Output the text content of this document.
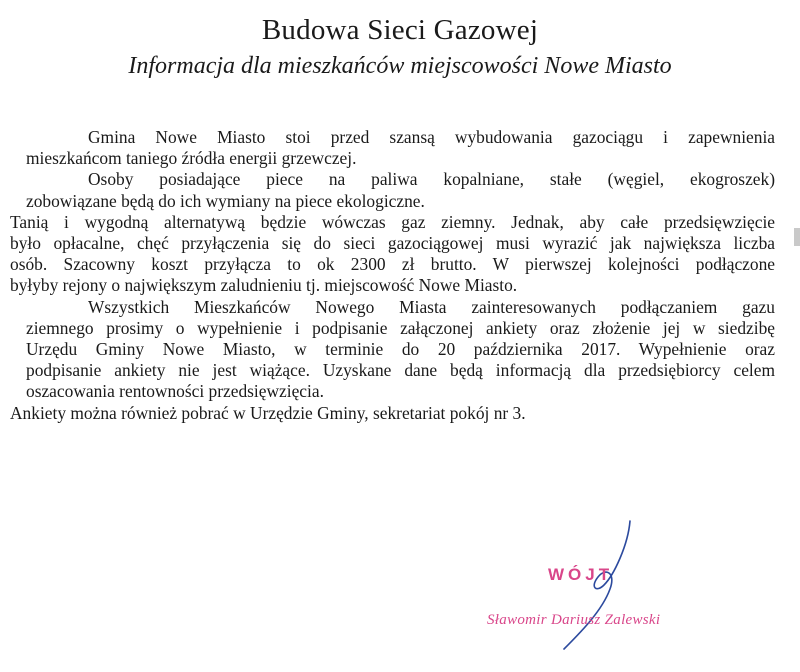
Budowa Sieci Gazowej
Informacja dla mieszkańców miejscowości Nowe Miasto
Gmina Nowe Miasto stoi przed szansą wybudowania gazociągu i zapewnienia
mieszkańcom taniego źródła energii grzewczej.
Osoby posiadające piece na paliwa kopalniane, stałe (węgiel, ekogroszek)
zobowiązane będą do ich wymiany na piece ekologiczne.
Tanią i wygodną alternatywą będzie wówczas gaz ziemny. Jednak, aby całe przedsięwzięcie
było opłacalne, chęć przyłączenia się do sieci gazociągowej musi wyrazić jak największa liczba
osób. Szacowny koszt przyłącza to ok 2300 zł brutto. W pierwszej kolejności podłączone
byłyby rejony o największym zaludnieniu tj. miejscowość Nowe Miasto.
Wszystkich Mieszkańców Nowego Miasta zainteresowanych podłączaniem gazu
ziemnego prosimy o wypełnienie i podpisanie załączonej ankiety oraz złożenie jej w siedzibę
Urzędu Gminy Nowe Miasto, w terminie do 20 października 2017. Wypełnienie oraz
podpisanie ankiety nie jest wiążące. Uzyskane dane będą informacją dla przedsiębiorcy celem
oszacowania rentowności przedsięwzięcia.
Ankiety można również pobrać w Urzędzie Gminy, sekretariat pokój nr 3.
WÓJT
Sławomir Dariusz Zalewski
